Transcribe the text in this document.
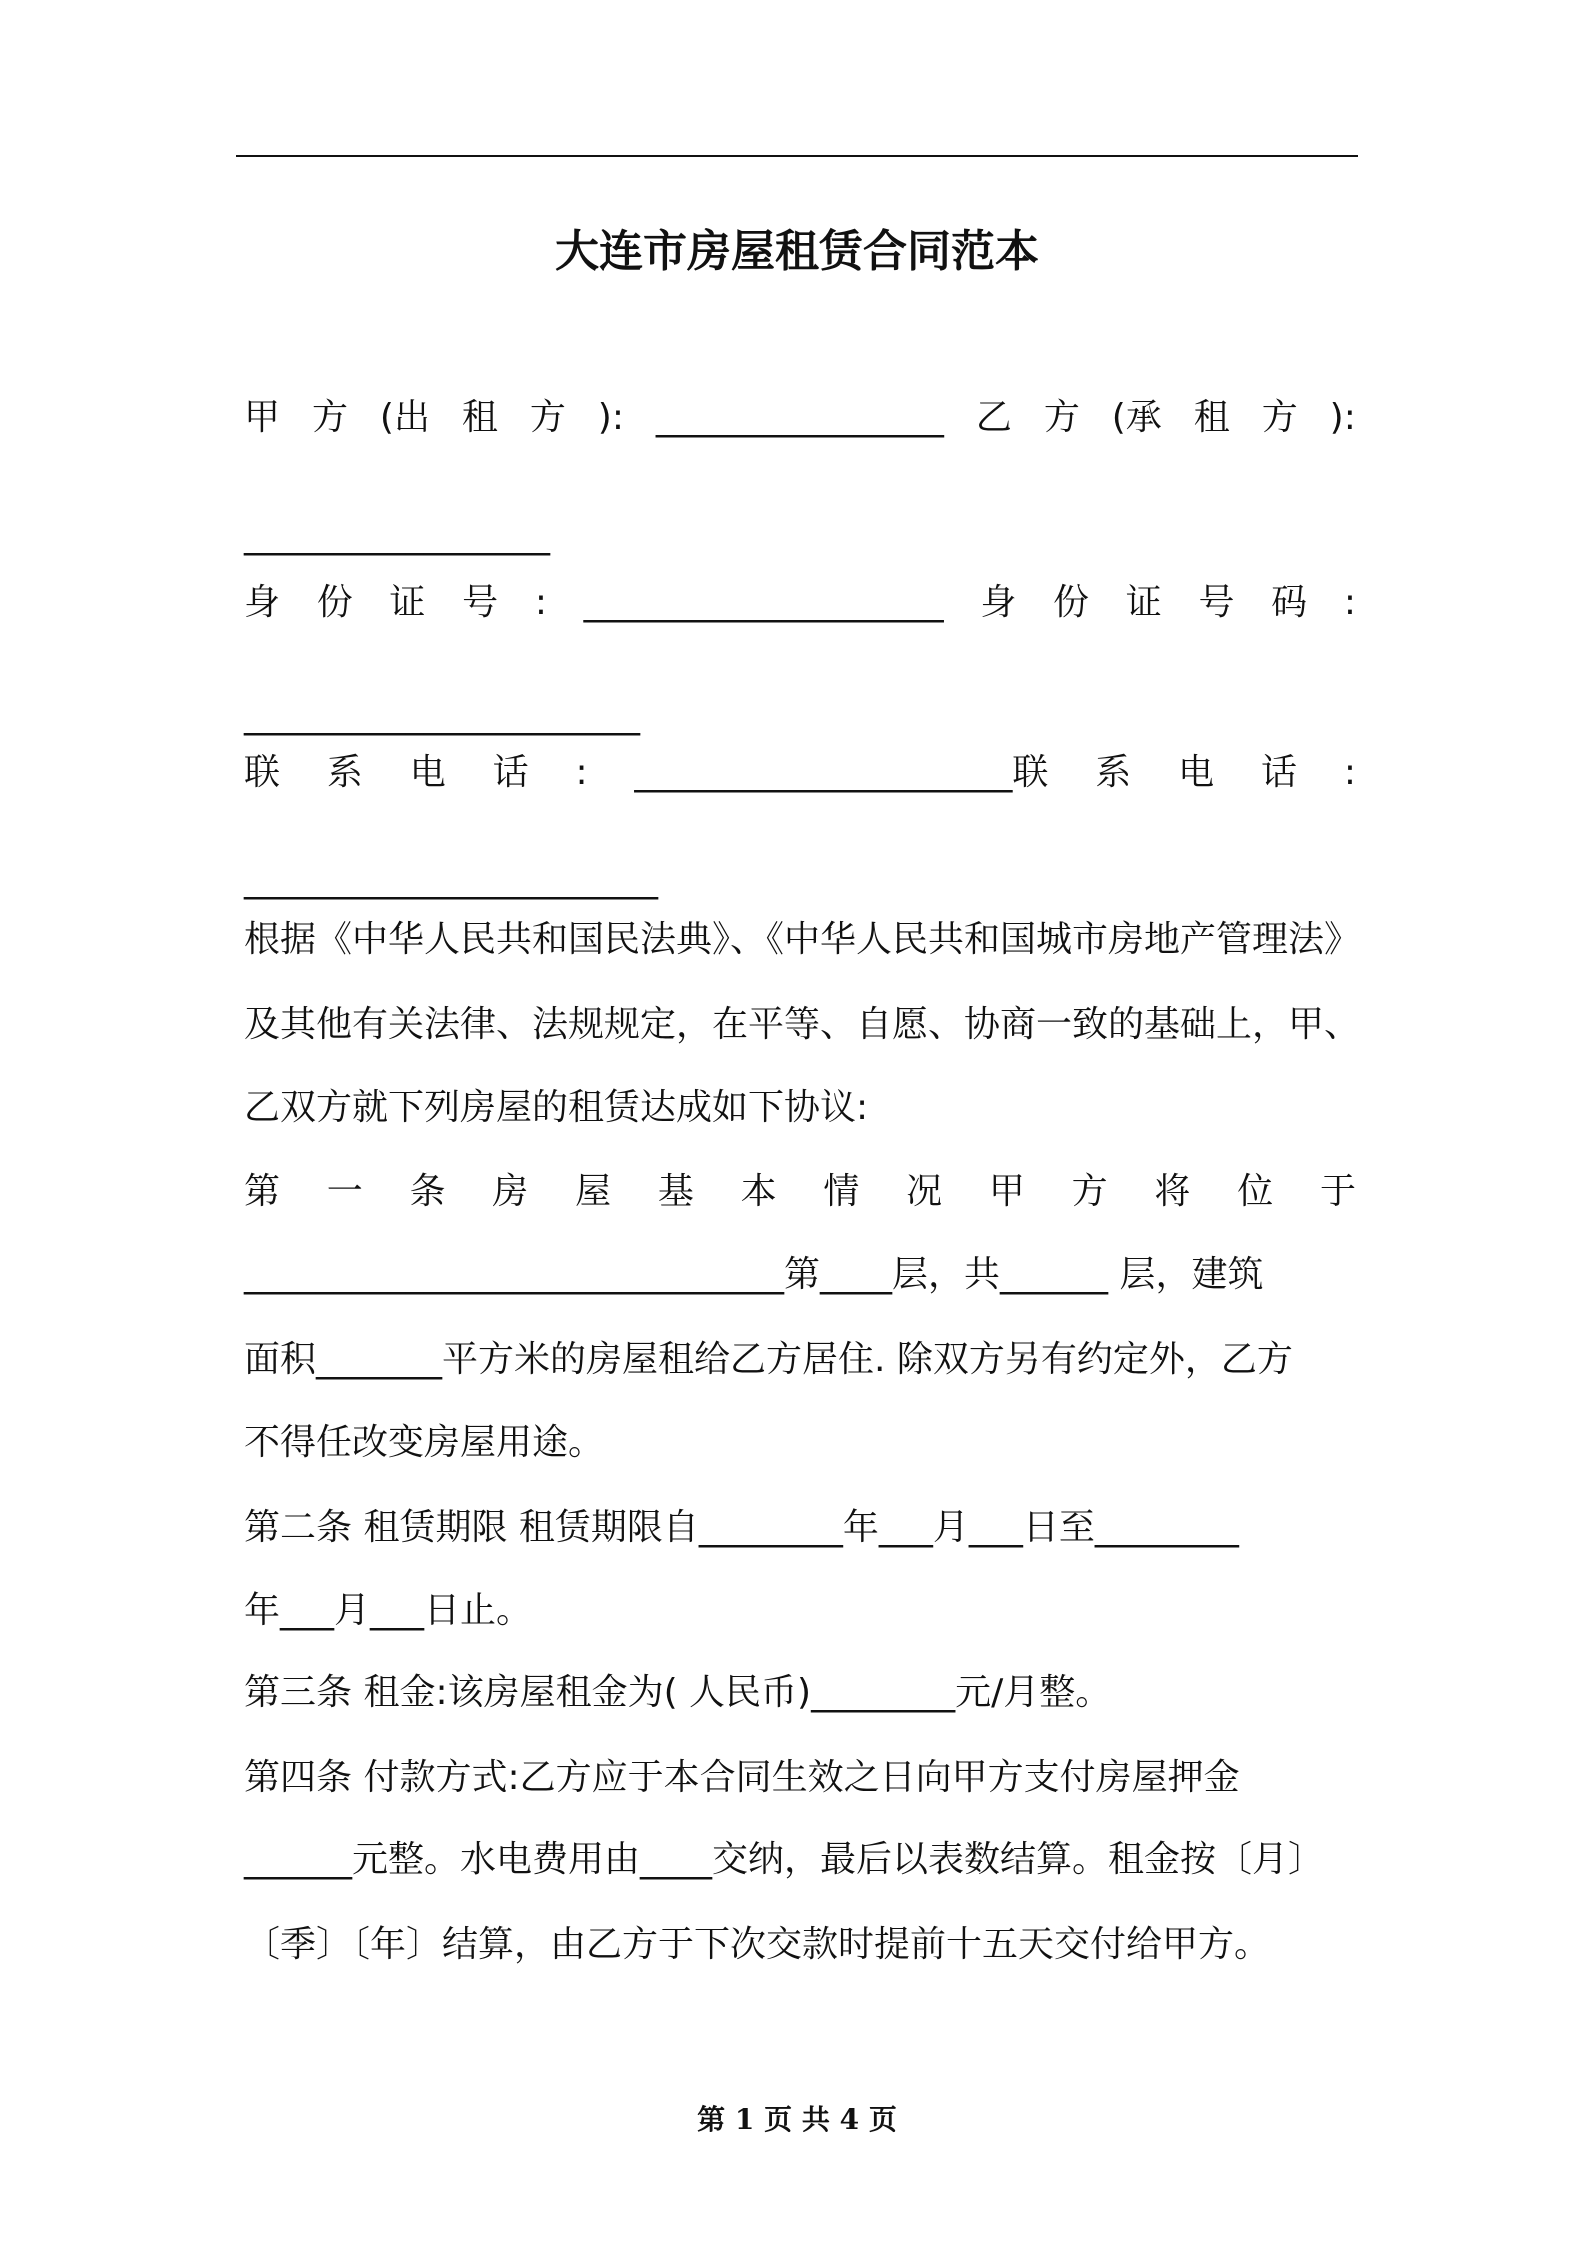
大连市房屋租赁合同范本
甲 方 (出 租 方 ): ________________ 乙 方 (承 租 方 ):
_________________
身 份 证 号 : ____________________ 身 份 证 号 码 :
______________________
联 系 电 话 : _____________________联 系 电 话 :
_______________________
根据《中华人民共和国民法典》、《中华人民共和国城市房地产管理法》
及其他有关法律、法规规定，在平等、自愿、协商一致的基础上，甲、
乙双方就下列房屋的租赁达成如下协议:
第 一 条 房 屋 基 本 情 况 甲 方 将 位 于
______________________________第____层，共______ 层，建筑
面积_______平方米的房屋租给乙方居住. 除双方另有约定外，乙方
不得任改变房屋用途。
第二条 租赁期限 租赁期限自________年___月___日至________
年___月___日止。
第三条 租金:该房屋租金为( 人民币)________元/月整。
第四条 付款方式:乙方应于本合同生效之日向甲方支付房屋押金
______元整。水电费用由____交纳，最后以表数结算。租金按〔月〕
〔季〕〔年〕结算，由乙方于下次交款时提前十五天交付给甲方。
第 1 页 共 4 页
